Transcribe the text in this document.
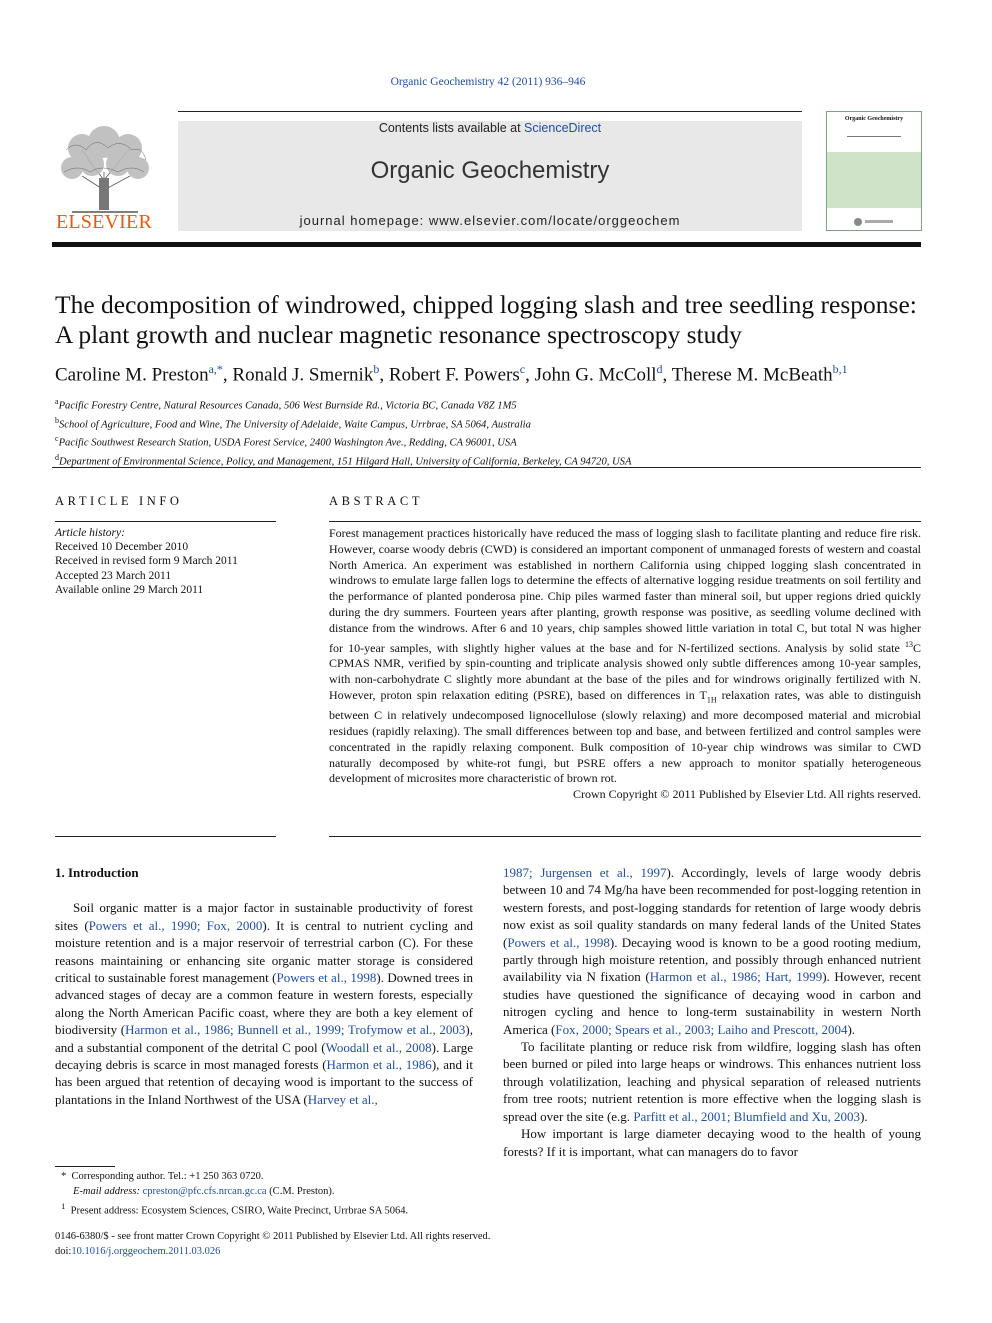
Organic Geochemistry 42 (2011) 936–946
ELSEVIER
Contents lists available at ScienceDirect
Organic Geochemistry
journal homepage: www.elsevier.com/locate/orggeochem
Organic Geochemistry
The decomposition of windrowed, chipped logging slash and tree seedling response:
A plant growth and nuclear magnetic resonance spectroscopy study
Caroline M. Preston$^{a,*}$, Ronald J. Smernik$^b$, Robert F. Powers$^c$, John G. McColl$^d$, Therese M. McBeath$^{b,1}$
$^a$Pacific Forestry Centre, Natural Resources Canada, 506 West Burnside Rd., Victoria BC, Canada V8Z 1M5
$^b$School of Agriculture, Food and Wine, The University of Adelaide, Waite Campus, Urrbrae, SA 5064, Australia
$^c$Pacific Southwest Research Station, USDA Forest Service, 2400 Washington Ave., Redding, CA 96001, USA
$^d$Department of Environmental Science, Policy, and Management, 151 Hilgard Hall, University of California, Berkeley, CA 94720, USA
ARTICLE INFO	ABSTRACT
Article history:
Received 10 December 2010
Received in revised form 9 March 2011
Accepted 23 March 2011
Available online 29 March 2011
Forest management practices historically have reduced the mass of logging slash to facilitate planting and reduce fire risk. However, coarse woody debris (CWD) is considered an important component of unmanaged forests of western and coastal North America. An experiment was established in northern California using chipped logging slash concentrated in windrows to emulate large fallen logs to determine the effects of alternative logging residue treatments on soil fertility and the performance of planted ponderosa pine. Chip piles warmed faster than mineral soil, but upper regions dried quickly during the dry summers. Fourteen years after planting, growth response was positive, as seedling volume declined with distance from the windrows. After 6 and 10 years, chip samples showed little variation in total C, but total N was higher for 10-year samples, with slightly higher values at the base and for N-fertilized sections. Analysis by solid state $^{13}$C CPMAS NMR, verified by spin-counting and triplicate analysis showed only subtle differences among 10-year samples, with non-carbohydrate C slightly more abundant at the base of the piles and for windrows originally fertilized with N. However, proton spin relaxation editing (PSRE), based on differences in $T_{1H}$ relaxation rates, was able to distinguish between C in relatively undecomposed lignocellulose (slowly relaxing) and more decomposed material and microbial residues (rapidly relaxing). The small differences between top and base, and between fertilized and control samples were concentrated in the rapidly relaxing component. Bulk composition of 10-year chip windrows was similar to CWD naturally decomposed by white-rot fungi, but PSRE offers a new approach to monitor spatially heterogeneous development of microsites more characteristic of brown rot.
Crown Copyright © 2011 Published by Elsevier Ltd. All rights reserved.

1. Introduction

Soil organic matter is a major factor in sustainable productivity of forest sites (Powers et al., 1990; Fox, 2000). It is central to nutrient cycling and moisture retention and is a major reservoir of terrestrial carbon (C). For these reasons maintaining or enhancing site organic matter storage is considered critical to sustainable forest management (Powers et al., 1998). Downed trees in advanced stages of decay are a common feature in western forests, especially along the North American Pacific coast, where they are both a key element of biodiversity (Harmon et al., 1986; Bunnell et al., 1999; Trofymow et al., 2003), and a substantial component of the detrital C pool (Woodall et al., 2008). Large decaying debris is scarce in most managed forests (Harmon et al., 1986), and it has been argued that retention of decaying wood is important to the success of plantations in the Inland Northwest of the USA (Harvey et al.,

1987; Jurgensen et al., 1997). Accordingly, levels of large woody debris between 10 and 74 Mg/ha have been recommended for post-logging retention in western forests, and post-logging standards for retention of large woody debris now exist as soil quality standards on many federal lands of the United States (Powers et al., 1998). Decaying wood is known to be a good rooting medium, partly through high moisture retention, and possibly through enhanced nutrient availability via N fixation (Harmon et al., 1986; Hart, 1999). However, recent studies have questioned the significance of decaying wood in carbon and nitrogen cycling and hence to long-term sustainability in western North America (Fox, 2000; Spears et al., 2003; Laiho and Prescott, 2004).

To facilitate planting or reduce risk from wildfire, logging slash has often been burned or piled into large heaps or windrows. This enhances nutrient loss through volatilization, leaching and physical separation of released nutrients from tree roots; nutrient retention is more effective when the logging slash is spread over the site (e.g. Parfitt et al., 2001; Blumfield and Xu, 2003).

How important is large diameter decaying wood to the health of young forests? If it is important, what can managers do to favor

*  Corresponding author. Tel.: +1 250 363 0720.
E-mail address: cpreston@pfc.cfs.nrcan.gc.ca (C.M. Preston).
$^1$ Present address: Ecosystem Sciences, CSIRO, Waite Precinct, Urrbrae SA 5064.
0146-6380/$ - see front matter Crown Copyright © 2011 Published by Elsevier Ltd. All rights reserved.
doi:10.1016/j.orggeochem.2011.03.026
